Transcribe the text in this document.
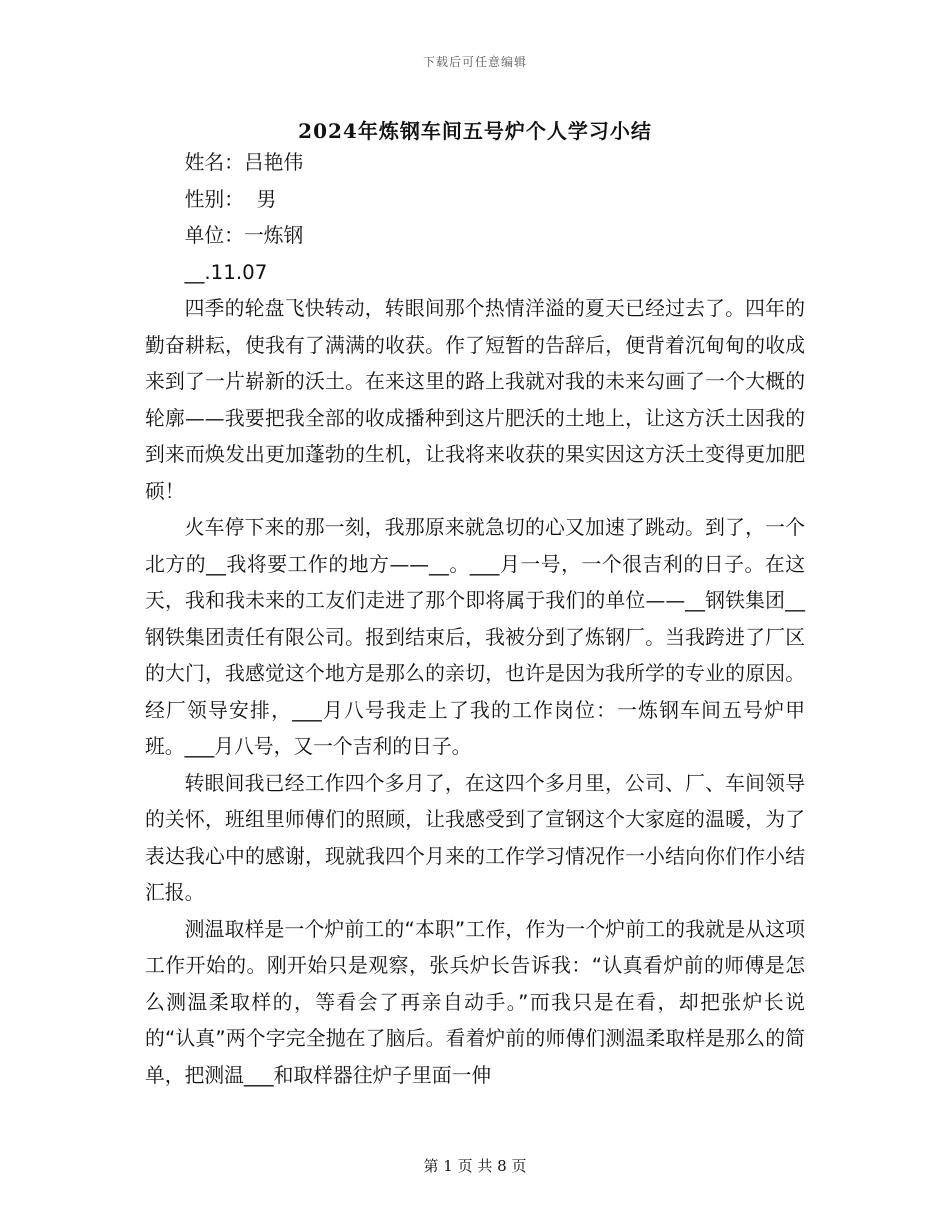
下载后可任意编辑
2024年炼钢车间五号炉个人学习小结

姓名：吕艳伟

性别：  男

单位：一炼钢

__.11.07

四季的轮盘飞快转动，转眼间那个热情洋溢的夏天已经过去了。四年的勤奋耕耘，使我有了满满的收获。作了短暂的告辞后，便背着沉甸甸的收成来到了一片崭新的沃土。在来这里的路上我就对我的未来勾画了一个大概的轮廓——我要把我全部的收成播种到这片肥沃的土地上，让这方沃土因我的到来而焕发出更加蓬勃的生机，让我将来收获的果实因这方沃土变得更加肥硕！

火车停下来的那一刻，我那原来就急切的心又加速了跳动。到了，一个北方的__我将要工作的地方——__。___月一号，一个很吉利的日子。在这天，我和我未来的工友们走进了那个即将属于我们的单位——__钢铁集团__钢铁集团责任有限公司。报到结束后，我被分到了炼钢厂。当我跨进了厂区的大门，我感觉这个地方是那么的亲切，也许是因为我所学的专业的原因。经厂领导安排，___月八号我走上了我的工作岗位：一炼钢车间五号炉甲班。___月八号，又一个吉利的日子。

转眼间我已经工作四个多月了，在这四个多月里，公司、厂、车间领导的关怀，班组里师傅们的照顾，让我感受到了宣钢这个大家庭的温暖，为了表达我心中的感谢，现就我四个月来的工作学习情况作一小结向你们作小结汇报。

测温取样是一个炉前工的“本职”工作，作为一个炉前工的我就是从这项工作开始的。刚开始只是观察，张兵炉长告诉我：“认真看炉前的师傅是怎么测温柔取样的，等看会了再亲自动手。”而我只是在看，却把张炉长说的“认真”两个字完全抛在了脑后。看着炉前的师傅们测温柔取样是那么的简单，把测温___和取样器往炉子里面一伸

第 1 页 共 8 页
